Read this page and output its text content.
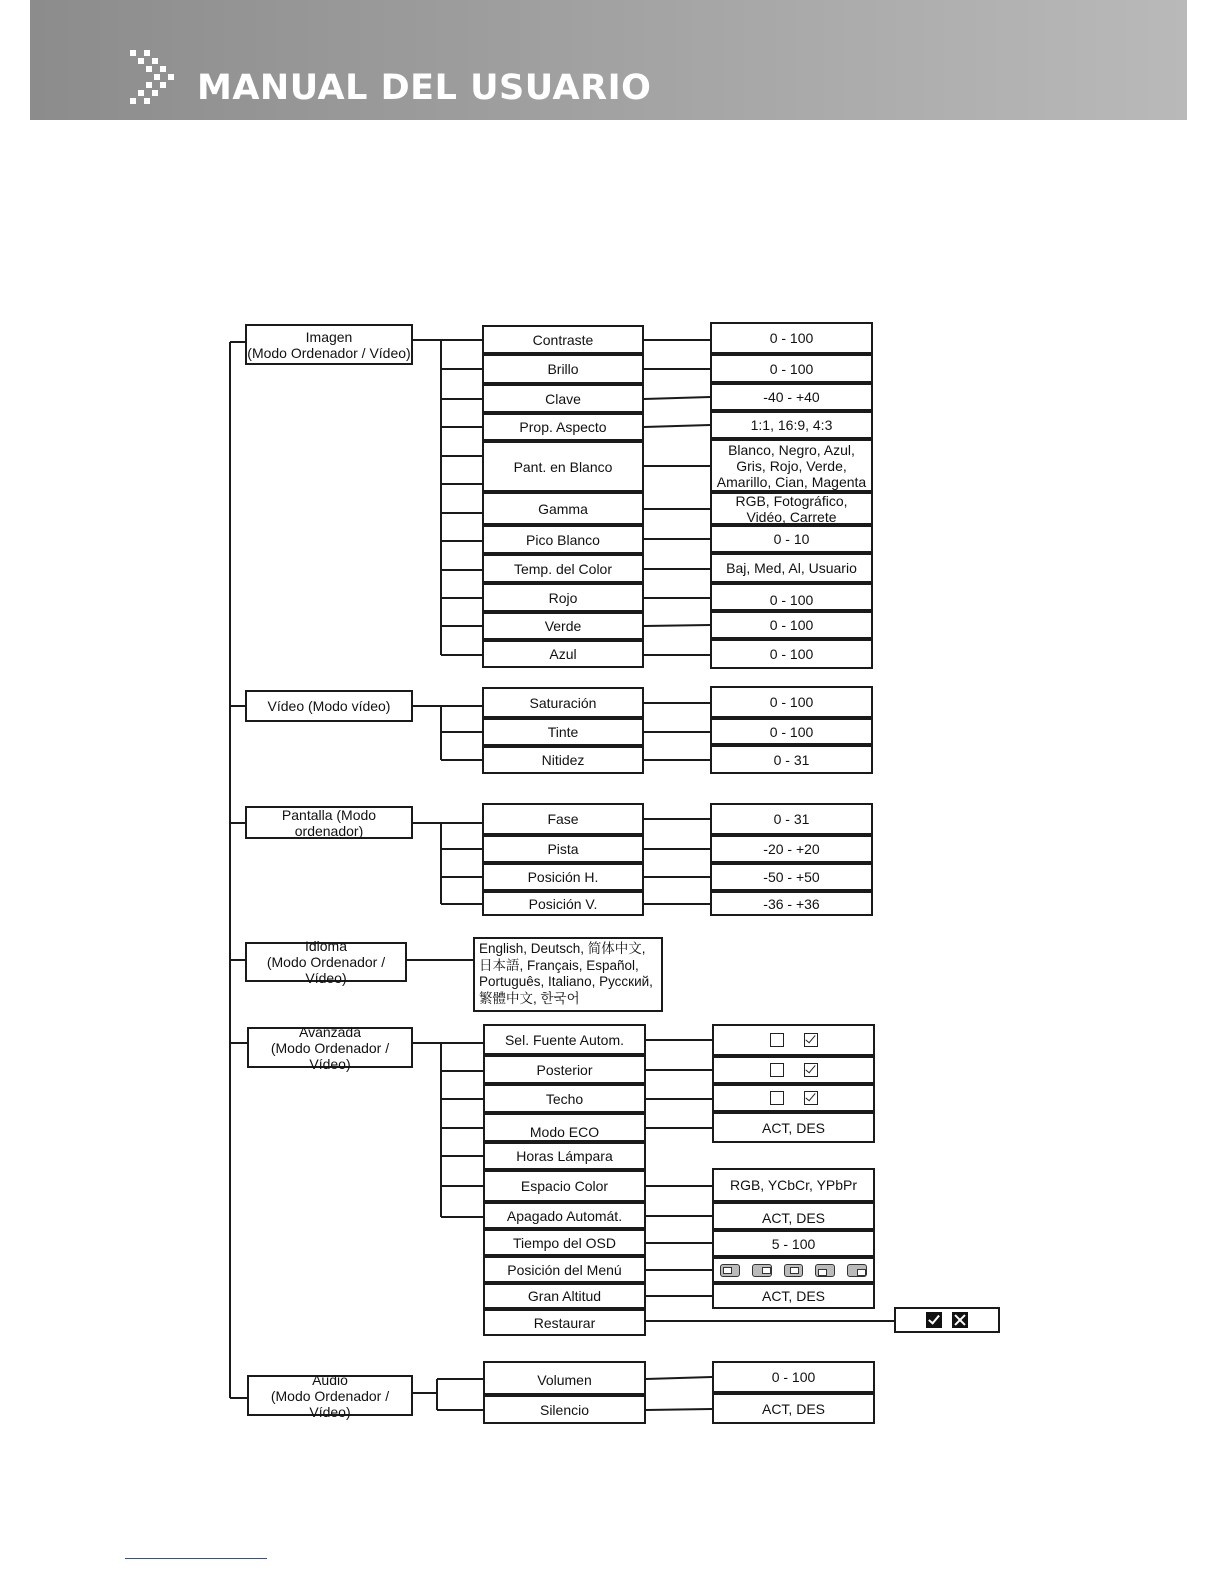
MANUAL DEL USUARIO
Imagen
(Modo Ordenador / Vídeo)
Vídeo (Modo vídeo)
Pantalla (Modo ordenador)
Idioma
(Modo Ordenador / Vídeo)
Avanzada
(Modo Ordenador / Vídeo)
Audio
(Modo Ordenador / Vídeo)
Contraste
Brillo
Clave
Prop. Aspecto
Pant. en Blanco
Gamma
Pico Blanco
Temp. del Color
Rojo
Verde
Azul
0 - 100
0 - 100
-40 - +40
1:1, 16:9, 4:3
Blanco, Negro, Azul,
Gris, Rojo, Verde,
Amarillo, Cian, Magenta
RGB, Fotográfico,
Vidéo, Carrete
0 - 10
Baj, Med, Al, Usuario
0 - 100
0 - 100
0 - 100
Saturación
Tinte
Nitidez
0 - 100
0 - 100
0 - 31
Fase
Pista
Posición H.
Posición V.
0 - 31
-20 - +20
-50 - +50
-36 - +36
English, Deutsch, 简体中文,
日本語, Français, Español,
Português, Italiano, Русский,
繁體中文, 한국어
Sel. Fuente Autom.
Posterior
Techo
Modo ECO
Horas Lámpara
Espacio Color
Apagado Automát.
Tiempo del OSD
Posición del Menú
Gran Altitud
Restaurar
ACT, DES
RGB, YCbCr, YPbPr
ACT, DES
5 - 100
ACT, DES
Volumen
Silencio
0 - 100
ACT, DES
